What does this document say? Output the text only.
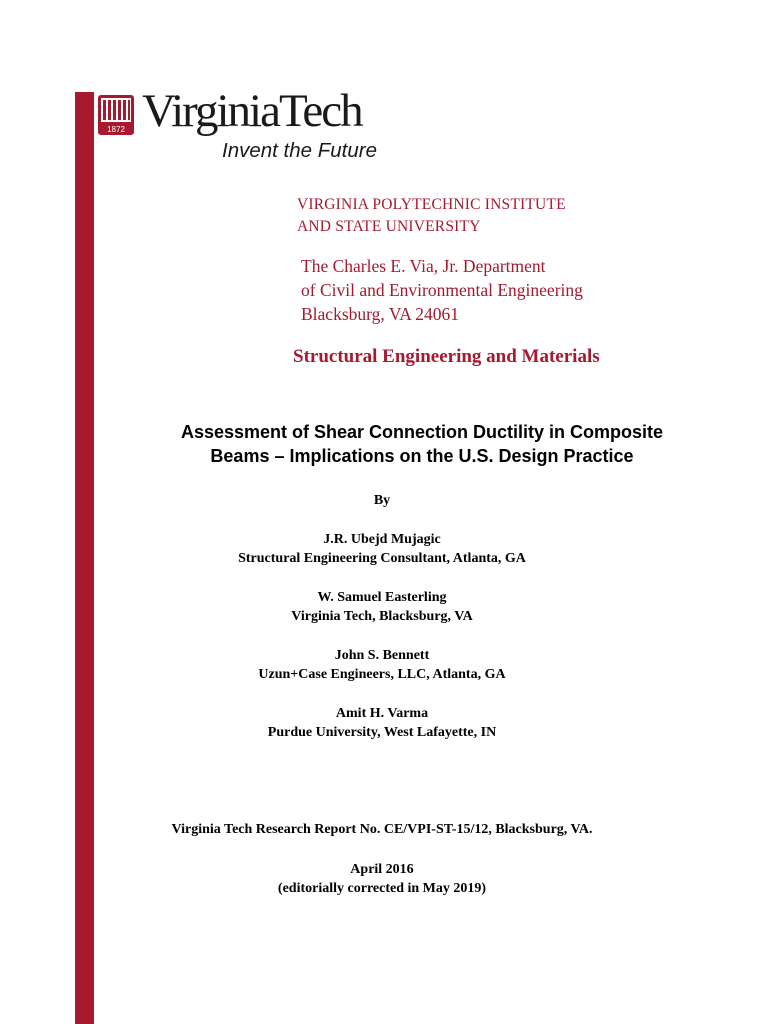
1872 VirginiaTech
Invent the Future
VIRGINIA POLYTECHNIC INSTITUTE
AND STATE UNIVERSITY
The Charles E. Via, Jr. Department
of Civil and Environmental Engineering
Blacksburg, VA 24061
Structural Engineering and Materials
Assessment of Shear Connection Ductility in Composite
Beams – Implications on the U.S. Design Practice
By
J.R. Ubejd Mujagic
Structural Engineering Consultant, Atlanta, GA
W. Samuel Easterling
Virginia Tech, Blacksburg, VA
John S. Bennett
Uzun+Case Engineers, LLC, Atlanta, GA
Amit H. Varma
Purdue University, West Lafayette, IN
Virginia Tech Research Report No. CE/VPI-ST-15/12, Blacksburg, VA.
April 2016
(editorially corrected in May 2019)
